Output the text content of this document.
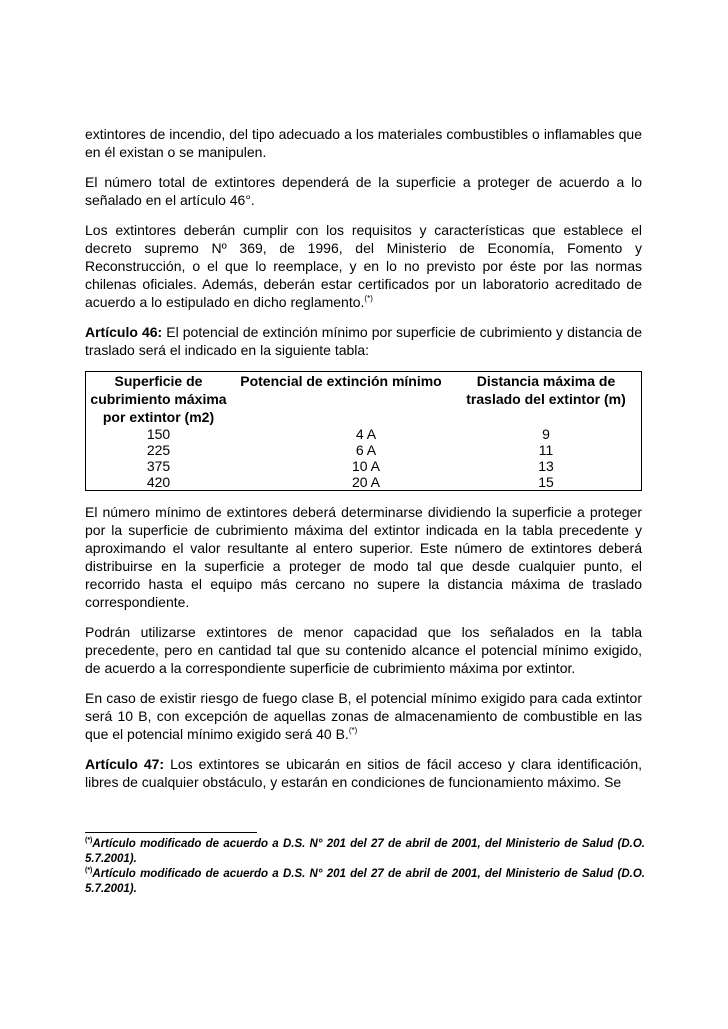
extintores de incendio, del tipo adecuado a los materiales combustibles o inflamables que en él existan o se manipulen.

El número total de extintores dependerá de la superficie a proteger de acuerdo a lo señalado en el artículo 46°.

Los extintores deberán cumplir con los requisitos y características que establece el decreto supremo Nº 369, de 1996, del Ministerio de Economía, Fomento y Reconstrucción, o el que lo reemplace, y en lo no previsto por éste por las normas chilenas oficiales. Además, deberán estar certificados por un laboratorio acreditado de acuerdo a lo estipulado en dicho reglamento.(*)

Artículo 46: El potencial de extinción mínimo por superficie de cubrimiento y distancia de traslado será el indicado en la siguiente tabla:

Superficie de cubrimiento máxima por extintor (m2)	Potencial de extinción mínimo	Distancia máxima de traslado del extintor (m)
150	4 A	9
225	6 A	11
375	10 A	13
420	20 A	15

El número mínimo de extintores deberá determinarse dividiendo la superficie a proteger por la superficie de cubrimiento máxima del extintor indicada en la tabla precedente y aproximando el valor resultante al entero superior. Este número de extintores deberá distribuirse en la superficie a proteger de modo tal que desde cualquier punto, el recorrido hasta el equipo más cercano no supere la distancia máxima de traslado correspondiente.

Podrán utilizarse extintores de menor capacidad que los señalados en la tabla precedente, pero en cantidad tal que su contenido alcance el potencial mínimo exigido, de acuerdo a la correspondiente superficie de cubrimiento máxima por extintor.

En caso de existir riesgo de fuego clase B, el potencial mínimo exigido para cada extintor será 10 B, con excepción de aquellas zonas de almacenamiento de combustible en las que el potencial mínimo exigido será 40 B.(*)

Artículo 47: Los extintores se ubicarán en sitios de fácil acceso y clara identificación, libres de cualquier obstáculo, y estarán en condiciones de funcionamiento máximo. Se

(*)Artículo modificado de acuerdo a D.S. N° 201 del 27 de abril de 2001, del Ministerio de Salud (D.O. 5.7.2001).

(*)Artículo modificado de acuerdo a D.S. N° 201 del 27 de abril de 2001, del Ministerio de Salud (D.O. 5.7.2001).
